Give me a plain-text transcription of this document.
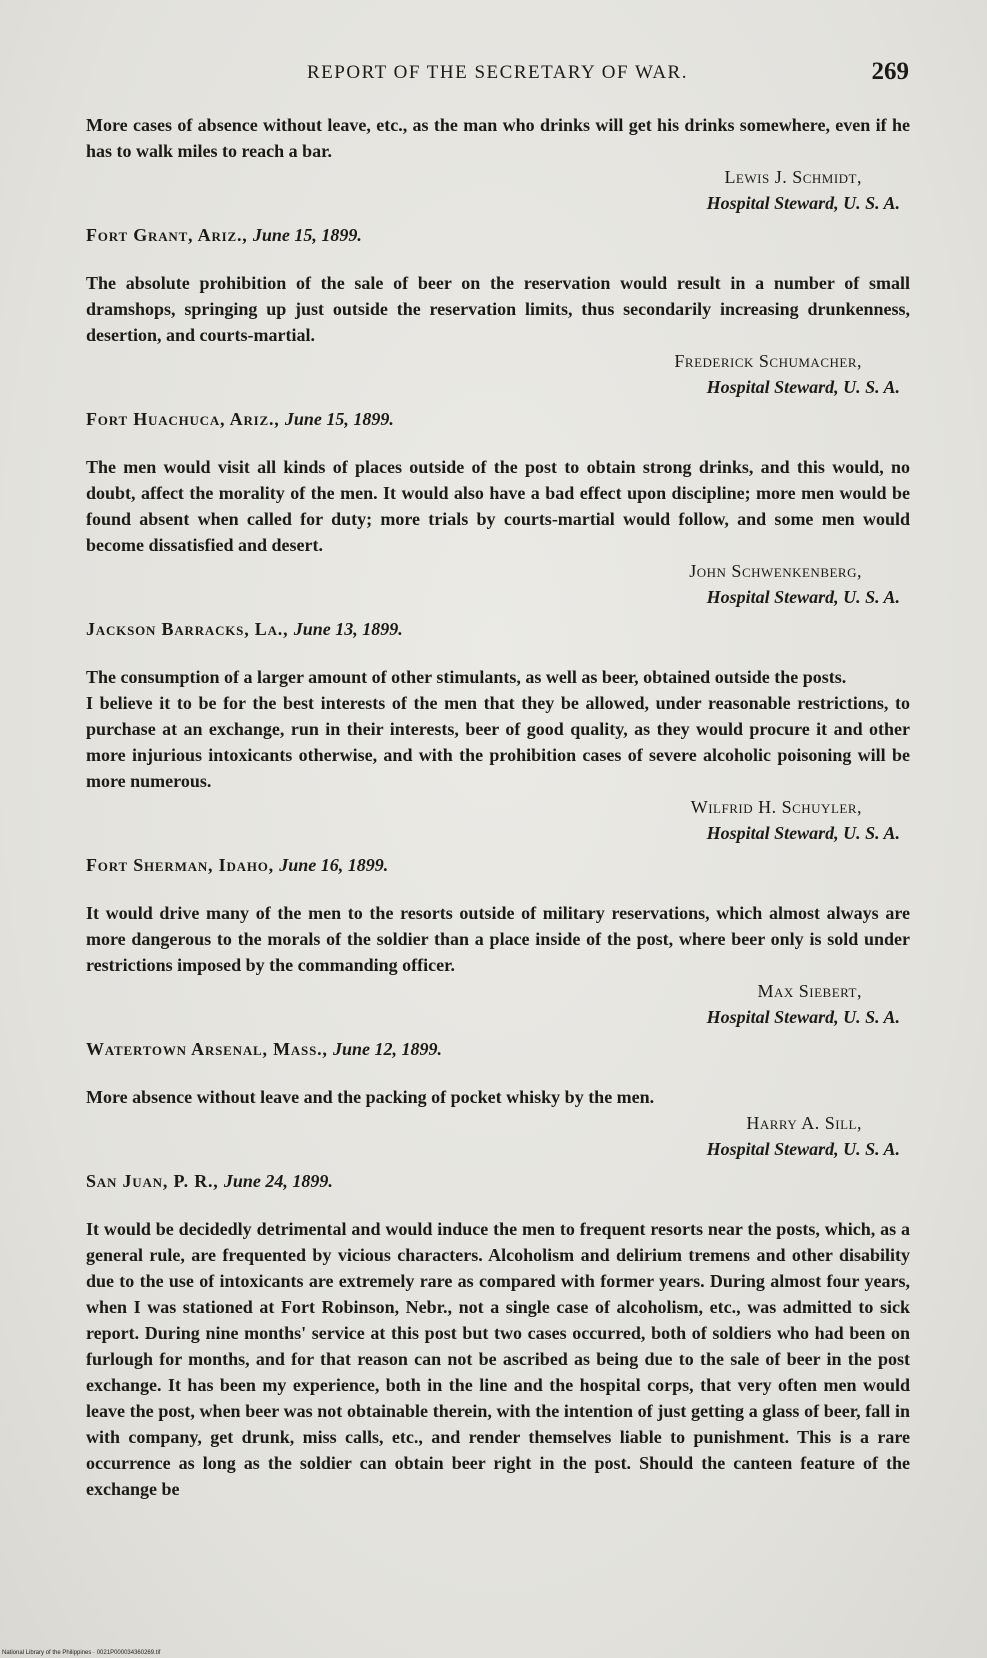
REPORT OF THE SECRETARY OF WAR.	269

More cases of absence without leave, etc., as the man who drinks will get his drinks somewhere, even if he has to walk miles to reach a bar.

Lewis J. Schmidt,
Hospital Steward, U. S. A.

Fort Grant, Ariz., June 15, 1899.

The absolute prohibition of the sale of beer on the reservation would result in a number of small dramshops, springing up just outside the reservation limits, thus secondarily increasing drunkenness, desertion, and courts-martial.

Frederick Schumacher,
Hospital Steward, U. S. A.

Fort Huachuca, Ariz., June 15, 1899.

The men would visit all kinds of places outside of the post to obtain strong drinks, and this would, no doubt, affect the morality of the men. It would also have a bad effect upon discipline; more men would be found absent when called for duty; more trials by courts-martial would follow, and some men would become dissatisfied and desert.

John Schwenkenberg,
Hospital Steward, U. S. A.

Jackson Barracks, La., June 13, 1899.

The consumption of a larger amount of other stimulants, as well as beer, obtained outside the posts.

I believe it to be for the best interests of the men that they be allowed, under reasonable restrictions, to purchase at an exchange, run in their interests, beer of good quality, as they would procure it and other more injurious intoxicants otherwise, and with the prohibition cases of severe alcoholic poisoning will be more numerous.

Wilfrid H. Schuyler,
Hospital Steward, U. S. A.

Fort Sherman, Idaho, June 16, 1899.

It would drive many of the men to the resorts outside of military reservations, which almost always are more dangerous to the morals of the soldier than a place inside of the post, where beer only is sold under restrictions imposed by the commanding officer.

Max Siebert,
Hospital Steward, U. S. A.

Watertown Arsenal, Mass., June 12, 1899.

More absence without leave and the packing of pocket whisky by the men.

Harry A. Sill,
Hospital Steward, U. S. A.

San Juan, P. R., June 24, 1899.

It would be decidedly detrimental and would induce the men to frequent resorts near the posts, which, as a general rule, are frequented by vicious characters. Alcoholism and delirium tremens and other disability due to the use of intoxicants are extremely rare as compared with former years. During almost four years, when I was stationed at Fort Robinson, Nebr., not a single case of alcoholism, etc., was admitted to sick report. During nine months' service at this post but two cases occurred, both of soldiers who had been on furlough for months, and for that reason can not be ascribed as being due to the sale of beer in the post exchange. It has been my experience, both in the line and the hospital corps, that very often men would leave the post, when beer was not obtainable therein, with the intention of just getting a glass of beer, fall in with company, get drunk, miss calls, etc., and render themselves liable to punishment. This is a rare occurrence as long as the soldier can obtain beer right in the post. Should the canteen feature of the exchange be

National Library of the Philippines · 0021P000034360269.tif
